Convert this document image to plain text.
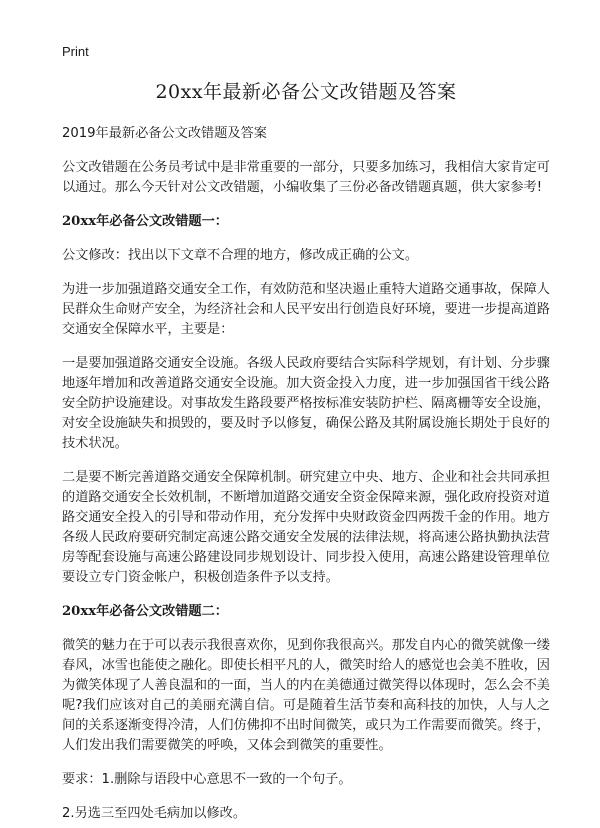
Print
20xx年最新必备公文改错题及答案
2019年最新必备公文改错题及答案

公文改错题在公务员考试中是非常重要的一部分，只要多加练习，我相信大家肯定可以通过。那么今天针对公文改错题，小编收集了三份必备改错题真题，供大家参考!

20xx年必备公文改错题一：

公文修改：找出以下文章不合理的地方，修改成正确的公文。

为进一步加强道路交通安全工作，有效防范和坚决遏止重特大道路交通事故，保障人民群众生命财产安全，为经济社会和人民平安出行创造良好环境，要进一步提高道路交通安全保障水平，主要是：

一是要加强道路交通安全设施。各级人民政府要结合实际科学规划，有计划、分步骤地逐年增加和改善道路交通安全设施。加大资金投入力度，进一步加强国省干线公路安全防护设施建设。对事故发生路段要严格按标准安装防护栏、隔离栅等安全设施，对安全设施缺失和损毁的，要及时予以修复，确保公路及其附属设施长期处于良好的技术状况。

二是要不断完善道路交通安全保障机制。研究建立中央、地方、企业和社会共同承担的道路交通安全长效机制，不断增加道路交通安全资金保障来源，强化政府投资对道路交通安全投入的引导和带动作用，充分发挥中央财政资金四两拨千金的作用。地方各级人民政府要研究制定高速公路交通安全发展的法律法规，将高速公路执勤执法营房等配套设施与高速公路建设同步规划设计、同步投入使用，高速公路建设管理单位要设立专门资金帐户，积极创造条件予以支持。

20xx年必备公文改错题二：

微笑的魅力在于可以表示我很喜欢你，见到你我很高兴。那发自内心的微笑就像一缕春风，冰雪也能使之融化。即使长相平凡的人，微笑时给人的感觉也会美不胜收，因为微笑体现了人善良温和的一面，当人的内在美德通过微笑得以体现时，怎么会不美呢?我们应该对自己的美丽充满自信。可是随着生活节奏和高科技的加快，人与人之间的关系逐渐变得冷清，人们仿佛抑不出时间微笑，或只为工作需要而微笑。终于，人们发出我们需要微笑的呼唤，又体会到微笑的重要性。

要求：1.删除与语段中心意思不一致的一个句子。

2.另选三至四处毛病加以修改。
